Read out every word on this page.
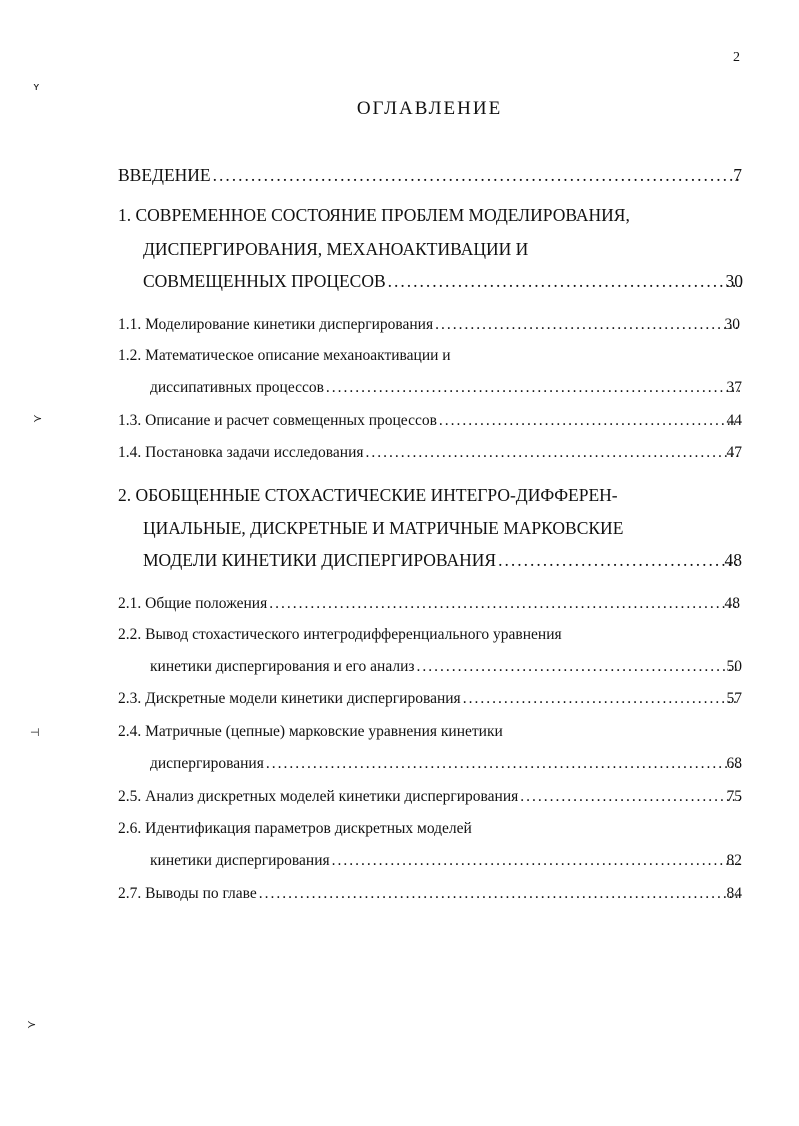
2
ʏ
≻
⊣
≻
ОГЛАВЛЕНИЕ
ВВЕДЕНИЕ .....	7
1. СОВРЕМЕННОЕ СОСТОЯНИЕ ПРОБЛЕМ МОДЕЛИРОВАНИЯ,
ДИСПЕРГИРОВАНИЯ, МЕХАНОАКТИВАЦИИ И
СОВМЕЩЕННЫХ ПРОЦЕСОВ .....	30
1.1. Моделирование кинетики диспергирования .....	30
1.2. Математическое описание механоактивации и
диссипативных процессов .....	37
1.3. Описание и расчет совмещенных процессов .....	44
1.4. Постановка задачи исследования .....	47
2. ОБОБЩЕННЫЕ СТОХАСТИЧЕСКИЕ ИНТЕГРО-ДИФФЕРЕН-
ЦИАЛЬНЫЕ, ДИСКРЕТНЫЕ И МАТРИЧНЫЕ МАРКОВСКИЕ
МОДЕЛИ КИНЕТИКИ ДИСПЕРГИРОВАНИЯ .....	48
2.1. Общие положения .....	48
2.2. Вывод стохастического интегродифференциального уравнения
кинетики диспергирования и его анализ .....	50
2.3. Дискретные модели кинетики диспергирования .....	57
2.4. Матричные (цепные) марковские уравнения кинетики
диспергирования .....	68
2.5. Анализ дискретных моделей кинетики диспергирования .....	75
2.6. Идентификация параметров дискретных моделей
кинетики диспергирования .....	82
2.7. Выводы по главе .....	84
